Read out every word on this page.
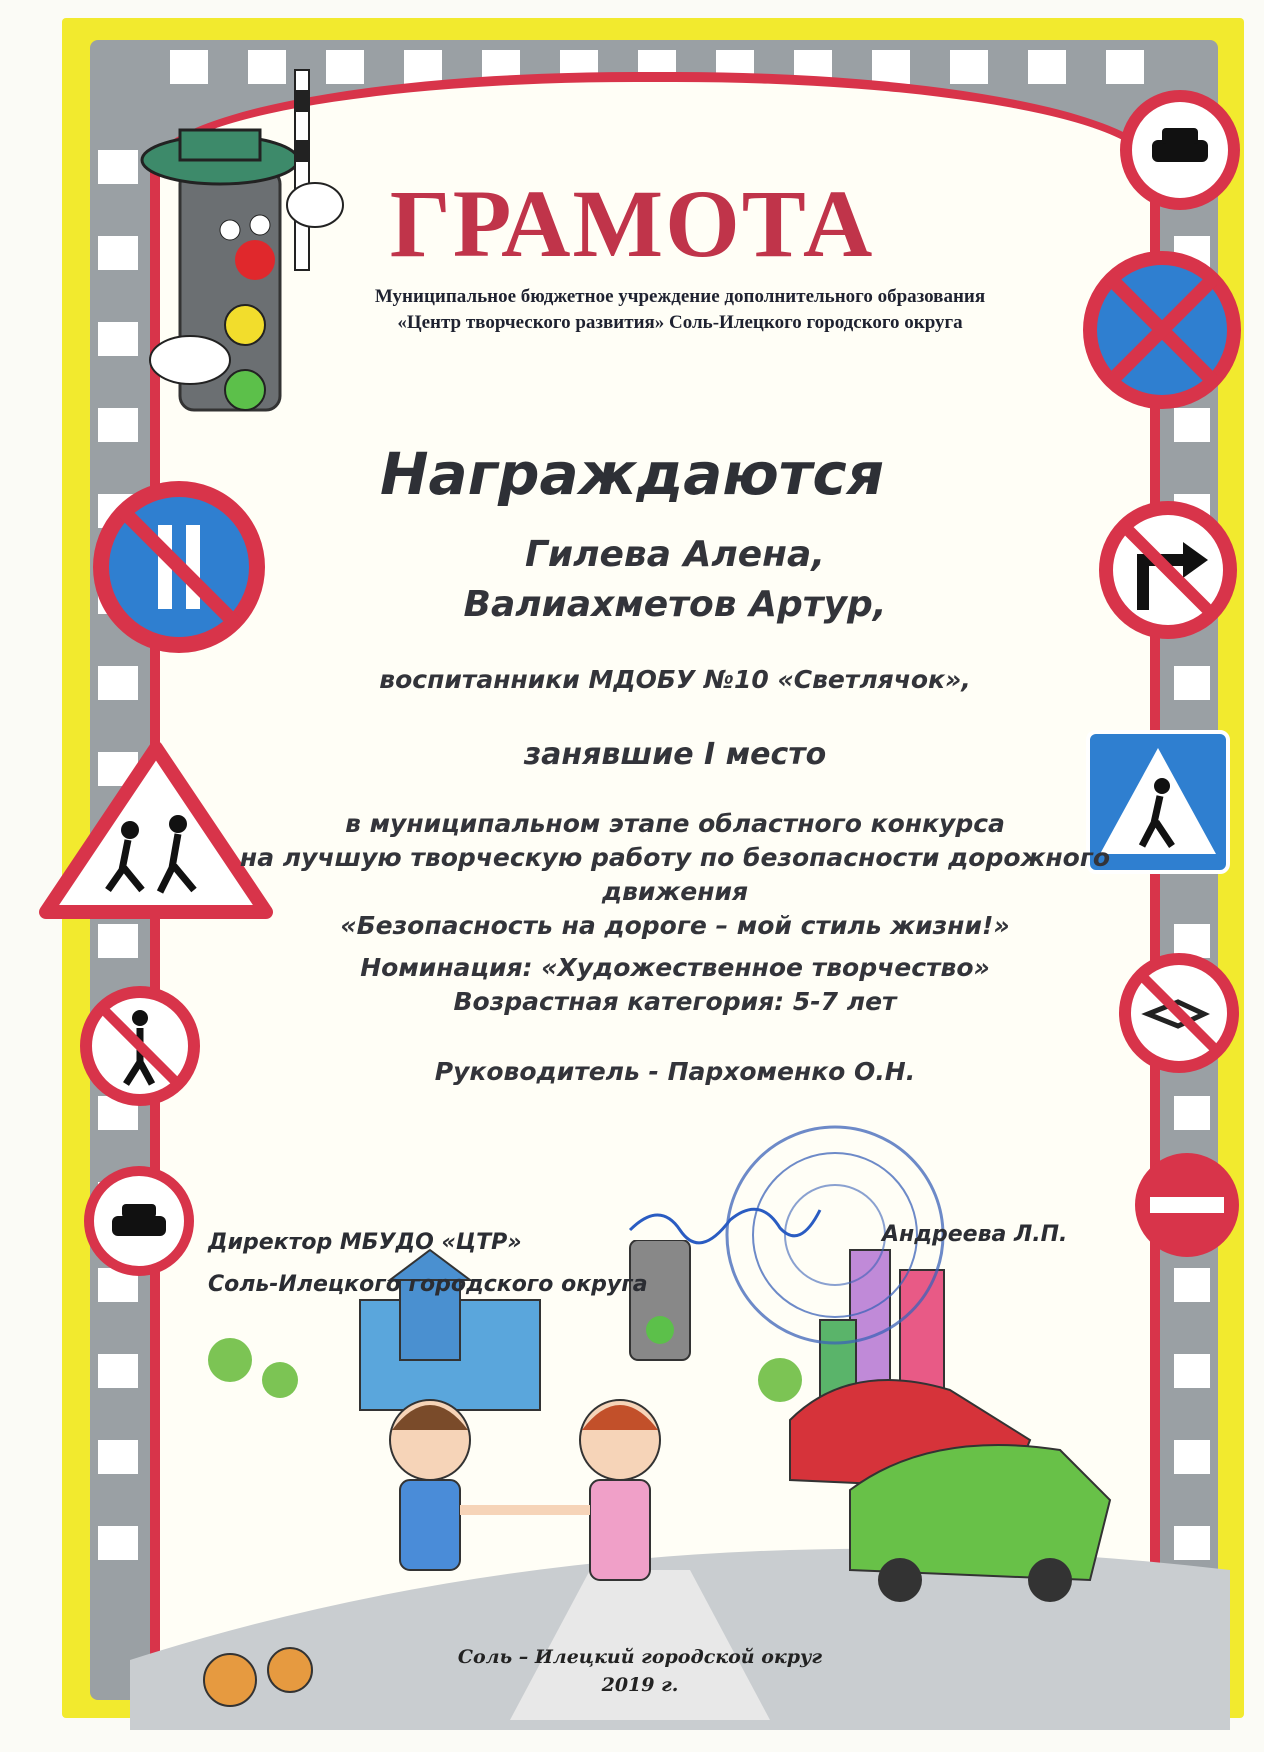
ГРАМОТА
Муниципальное бюджетное учреждение дополнительного образования
«Центр творческого развития» Соль-Илецкого городского округа
Награждаются
Гилева Алена,
Валиахметов Артур,
воспитанники МДОБУ №10 «Светлячок»,
занявшие I место
в муниципальном этапе областного конкурса
на лучшую творческую работу по безопасности дорожного
движения
«Безопасность на дороге – мой стиль жизни!»
Номинация: «Художественное творчество»
Возрастная категория: 5-7 лет
Руководитель - Пархоменко О.Н.
Директор МБУДО «ЦТР»
Соль-Илецкого городского округа
Андреева Л.П.
Соль – Илецкий городской округ
2019 г.
